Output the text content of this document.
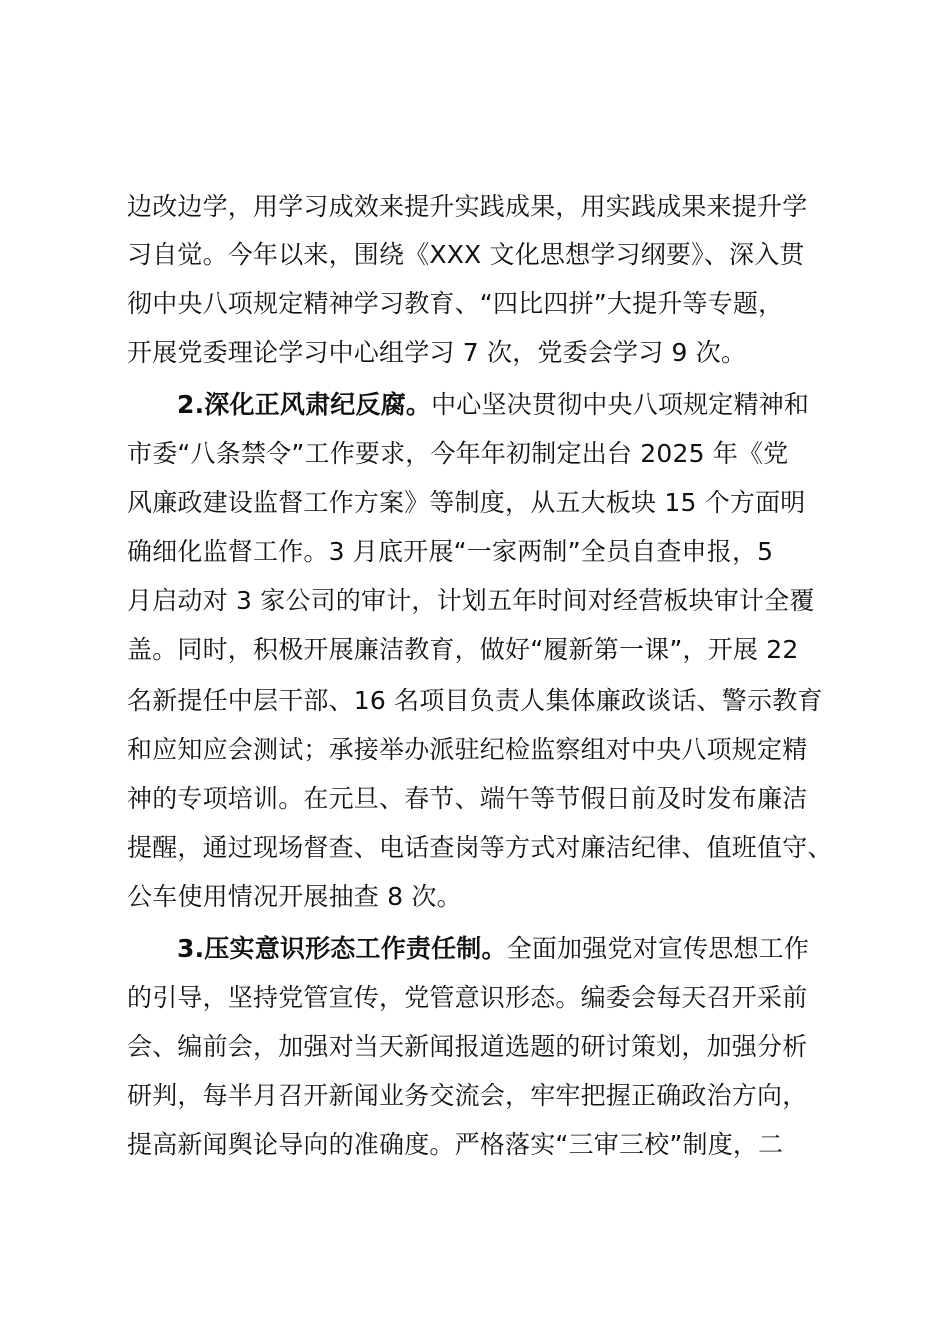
边改边学，用学习成效来提升实践成果，用实践成果来提升学
习自觉。今年以来，围绕《XXX 文化思想学习纲要》、深入贯
彻中央八项规定精神学习教育、“四比四拼”大提升等专题，
开展党委理论学习中心组学习 7 次，党委会学习 9 次。
2.深化正风肃纪反腐。中心坚决贯彻中央八项规定精神和
市委“八条禁令”工作要求，今年年初制定出台 2025 年《党
风廉政建设监督工作方案》等制度，从五大板块 15 个方面明
确细化监督工作。3 月底开展“一家两制”全员自查申报，5
月启动对 3 家公司的审计，计划五年时间对经营板块审计全覆
盖。同时，积极开展廉洁教育，做好“履新第一课”，开展 22
名新提任中层干部、16 名项目负责人集体廉政谈话、警示教育
和应知应会测试；承接举办派驻纪检监察组对中央八项规定精
神的专项培训。在元旦、春节、端午等节假日前及时发布廉洁
提醒，通过现场督查、电话查岗等方式对廉洁纪律、值班值守、
公车使用情况开展抽查 8 次。
3.压实意识形态工作责任制。全面加强党对宣传思想工作
的引导，坚持党管宣传，党管意识形态。编委会每天召开采前
会、编前会，加强对当天新闻报道选题的研讨策划，加强分析
研判，每半月召开新闻业务交流会，牢牢把握正确政治方向，
提高新闻舆论导向的准确度。严格落实“三审三校”制度，二
